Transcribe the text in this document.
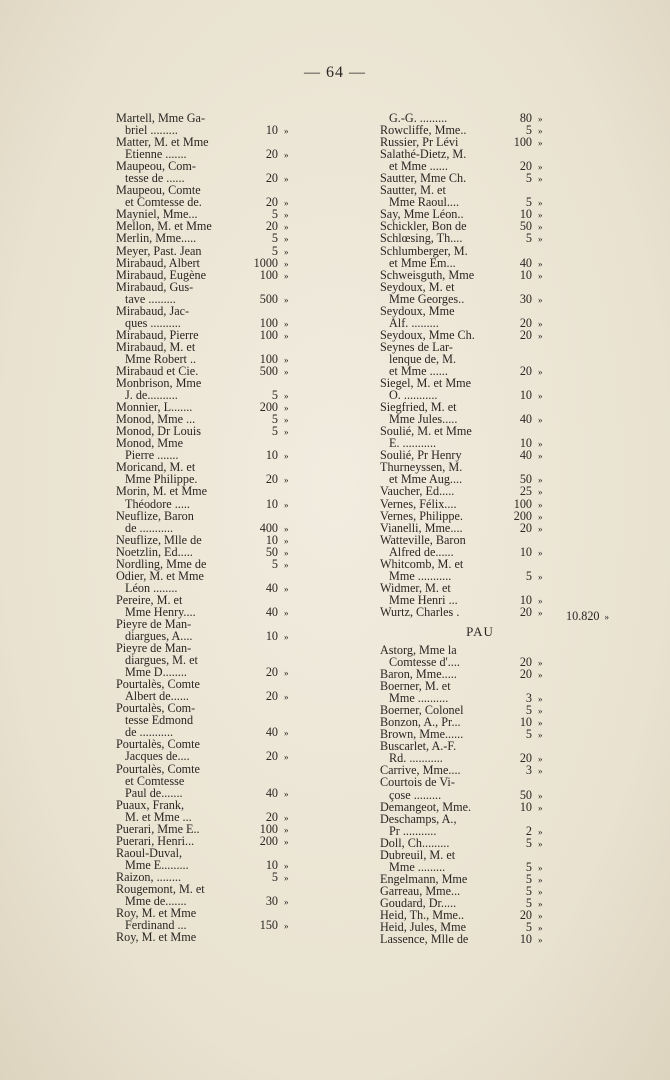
— 64 —
Martell, Mme Ga-
briel .........	10 »
Matter, M. et Mme
Etienne .......	20 »
Maupeou, Com-
tesse de ......	20 »
Maupeou, Comte
et Comtesse de.	20 »
Mayniel, Mme...	5 »
Mellon, M. et Mme	20 »
Merlin, Mme.....	5 »
Meyer, Past. Jean	5 »
Mirabaud, Albert	1000 »
Mirabaud, Eugène	100 »
Mirabaud, Gus-
tave .........	500 »
Mirabaud, Jac-
ques ..........	100 »
Mirabaud, Pierre	100 »
Mirabaud, M. et
Mme Robert ..	100 »
Mirabaud et Cie.	500 »
Monbrison, Mme
J. de..........	5 »
Monnier, L.......	200 »
Monod, Mme ...	5 »
Monod, Dr Louis	5 »
Monod, Mme
Pierre .......	10 »
Moricand, M. et
Mme Philippe.	20 »
Morin, M. et Mme
Théodore .....	10 »
Neuflize, Baron
de ...........	400 »
Neuflize, Mlle de	10 »
Noetzlin, Ed.....	50 »
Nordling, Mme de	5 »
Odier, M. et Mme
Léon ........	40 »
Pereire, M. et
Mme Henry....	40 »
Pieyre de Man-
diargues, A....	10 »
Pieyre de Man-
diargues, M. et
Mme D........	20 »
Pourtalès, Comte
Albert de......	20 »
Pourtalès, Com-
tesse Edmond
de ...........	40 »
Pourtalès, Comte
Jacques de....	20 »
Pourtalès, Comte
et Comtesse
Paul de.......	40 »
Puaux, Frank,
M. et Mme ...	20 »
Puerari, Mme E..	100 »
Puerari, Henri...	200 »
Raoul-Duval,
Mme E.........	10 »
Raizon, ........	5 »
Rougemont, M. et
Mme de.......	30 »
Roy, M. et Mme
Ferdinand ...	150 »
Roy, M. et Mme
G.-G. .........	80 »
Rowcliffe, Mme..	5 »
Russier, Pr Lévi	100 »
Salathé-Dietz, M.
et Mme ......	20 »
Sautter, Mme Ch.	5 »
Sautter, M. et
Mme Raoul....	5 »
Say, Mme Léon..	10 »
Schickler, Bon de	50 »
Schlœsing, Th....	5 »
Schlumberger, M.
et Mme Em...	40 »
Schweisguth, Mme	10 »
Seydoux, M. et
Mme Georges..	30 »
Seydoux, Mme
Alf. .........	20 »
Seydoux, Mme Ch.	20 »
Seynes de Lar-
lenque de, M.
et Mme ......	20 »
Siegel, M. et Mme
O. ...........	10 »
Siegfried, M. et
Mme Jules.....	40 »
Soulié, M. et Mme
E. ...........	10 »
Soulié, Pr Henry	40 »
Thurneyssen, M.
et Mme Aug....	50 »
Vaucher, Ed.....	25 »
Vernes, Félix....	100 »
Vernes, Philippe.	200 »
Vianelli, Mme....	20 »
Watteville, Baron
Alfred de......	10 »
Whitcomb, M. et
Mme ...........	5 »
Widmer, M. et
Mme Henri ...	10 »
Wurtz, Charles .	20 »
PAU
Astorg, Mme la
Comtesse d'....	20 »
Baron, Mme.....	20 »
Boerner, M. et
Mme ..........	3 »
Boerner, Colonel	5 »
Bonzon, A., Pr...	10 »
Brown, Mme......	5 »
Buscarlet, A.-F.
Rd. ...........	20 »
Carrive, Mme....	3 »
Courtois de Vi-
çose .........	50 »
Demangeot, Mme.	10 »
Deschamps, A.,
Pr ...........	2 »
Doll, Ch.........	5 »
Dubreuil, M. et
Mme .........	5 »
Engelmann, Mme	5 »
Garreau, Mme...	5 »
Goudard, Dr.....	5 »
Heid, Th., Mme..	20 »
Heid, Jules, Mme	5 »
Lassence, Mlle de	10 »
10.820 »
